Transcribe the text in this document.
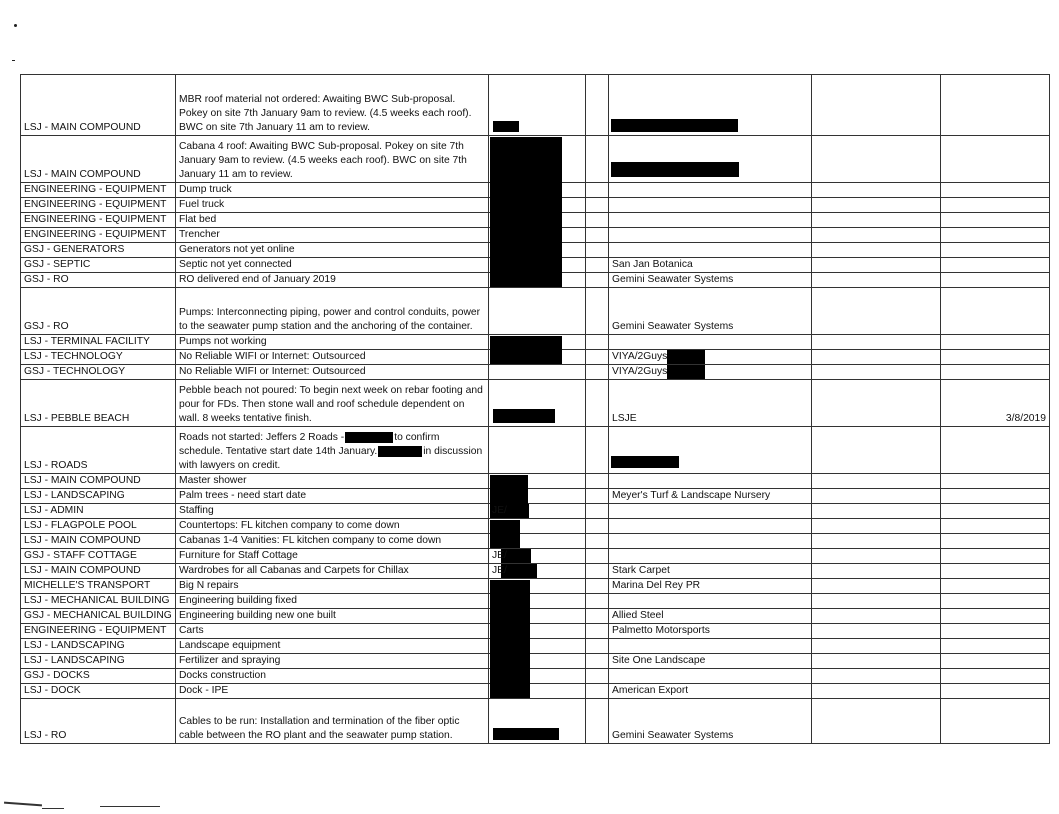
LSJ - MAIN COMPOUND	MBR roof material not ordered: Awaiting BWC Sub-proposal. Pokey on site 7th January 9am to review. (4.5 weeks each roof). BWC on site 7th January 11 am to review.	

LSJ - MAIN COMPOUND	Cabana 4 roof: Awaiting BWC Sub-proposal. Pokey on site 7th January 9am to review. (4.5 weeks each roof). BWC on site 7th January 11 am to review.			

ENGINEERING - EQUIPMENT	Dump truck					
ENGINEERING - EQUIPMENT	Fuel truck					
ENGINEERING - EQUIPMENT	Flat bed					
ENGINEERING - EQUIPMENT	Trencher					
GSJ - GENERATORS	Generators not yet online					
GSJ - SEPTIC	Septic not yet connected			San Jan Botanica		
GSJ - RO	RO delivered end of January 2019			Gemini Seawater Systems		
GSJ - RO	Pumps: Interconnecting piping, power and control conduits, power to the seawater pump station and the anchoring of the container.			Gemini Seawater Systems		
LSJ - TERMINAL FACILITY	Pumps not working					
LSJ - TECHNOLOGY	No Reliable WIFI or Internet: Outsourced			VIYA/2Guys

GSJ - TECHNOLOGY	No Reliable WIFI or Internet: Outsourced			VIYA/2Guys

LSJ - PEBBLE BEACH	Pebble beach not poured: To begin next week on rebar footing and pour for FDs. Then stone wall and roof schedule dependent on wall. 8 weeks tentative finish.			LSJE		3/8/2019
LSJ - ROADS	Roads not started: Jeffers 2 Roads - to confirm schedule. Tentative start date 14th January. in discussion with lawyers on credit.			

LSJ - MAIN COMPOUND	Master shower					
LSJ - LANDSCAPING	Palm trees - need start date			Meyer's Turf & Landscape Nursery		
LSJ - ADMIN	Staffing	JE/

LSJ - FLAGPOLE POOL	Countertops: FL kitchen company to come down					
LSJ - MAIN COMPOUND	Cabanas 1-4 Vanities: FL kitchen company to come down					
GSJ - STAFF COTTAGE	Furniture for Staff Cottage	JE/

LSJ - MAIN COMPOUND	Wardrobes for all Cabanas and Carpets for Chillax	JE/		Stark Carpet		
MICHELLE'S TRANSPORT	Big N repairs			Marina Del Rey PR		
LSJ - MECHANICAL BUILDING	Engineering building fixed					
GSJ - MECHANICAL BUILDING	Engineering building new one built			Allied Steel		
ENGINEERING - EQUIPMENT	Carts			Palmetto Motorsports		
LSJ - LANDSCAPING	Landscape equipment					
LSJ - LANDSCAPING	Fertilizer and spraying			Site One Landscape		
GSJ - DOCKS	Docks construction					
LSJ - DOCK	Dock - IPE			American Export		
LSJ - RO	Cables to be run: Installation and termination of the fiber optic cable between the RO plant and the seawater pump station.			Gemini Seawater Systems		
